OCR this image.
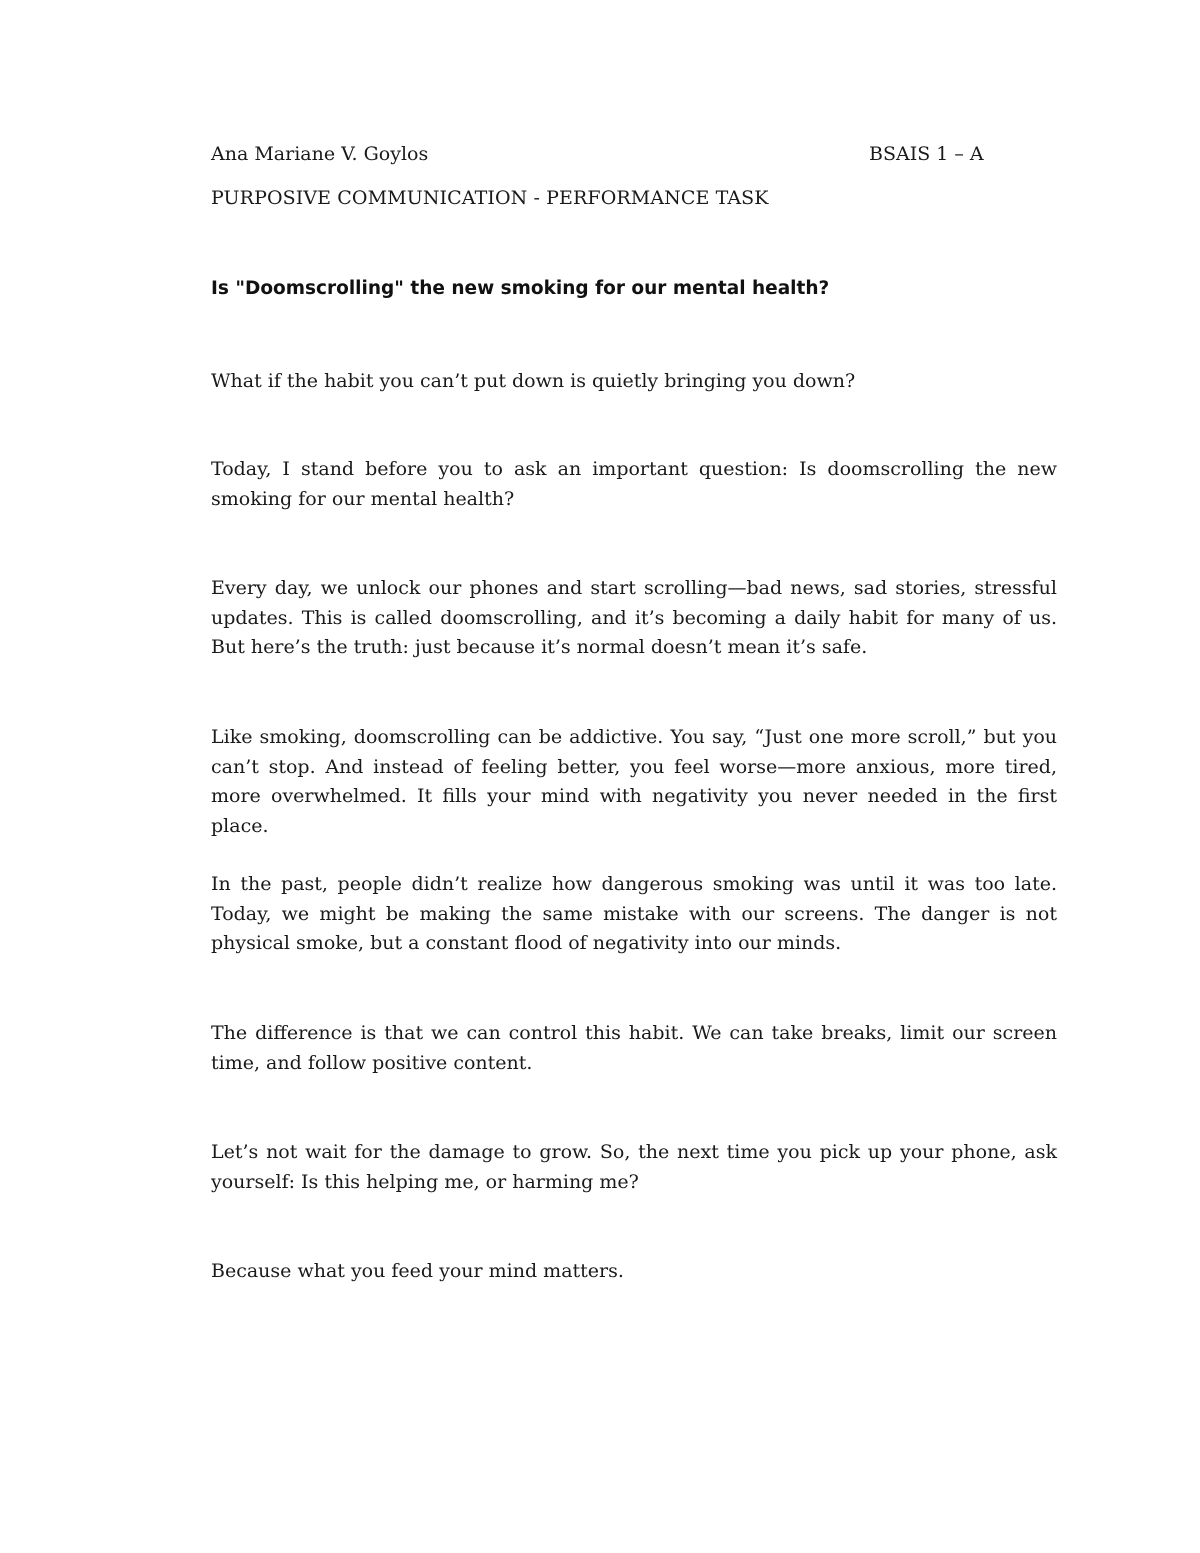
Ana Mariane V. Goylos	BSAIS 1 – A
PURPOSIVE COMMUNICATION - PERFORMANCE TASK
Is "Doomscrolling" the new smoking for our mental health?

What if the habit you can’t put down is quietly bringing you down?

Today, I stand before you to ask an important question: Is doomscrolling the new smoking for our mental health?

Every day, we unlock our phones and start scrolling—bad news, sad stories, stressful updates. This is called doomscrolling, and it’s becoming a daily habit for many of us. But here’s the truth: just because it’s normal doesn’t mean it’s safe.

Like smoking, doomscrolling can be addictive. You say, “Just one more scroll,” but you can’t stop. And instead of feeling better, you feel worse—more anxious, more tired, more overwhelmed. It fills your mind with negativity you never needed in the first place.

In the past, people didn’t realize how dangerous smoking was until it was too late. Today, we might be making the same mistake with our screens. The danger is not physical smoke, but a constant flood of negativity into our minds.

The difference is that we can control this habit. We can take breaks, limit our screen time, and follow positive content.

Let’s not wait for the damage to grow. So, the next time you pick up your phone, ask yourself: Is this helping me, or harming me?

Because what you feed your mind matters.
